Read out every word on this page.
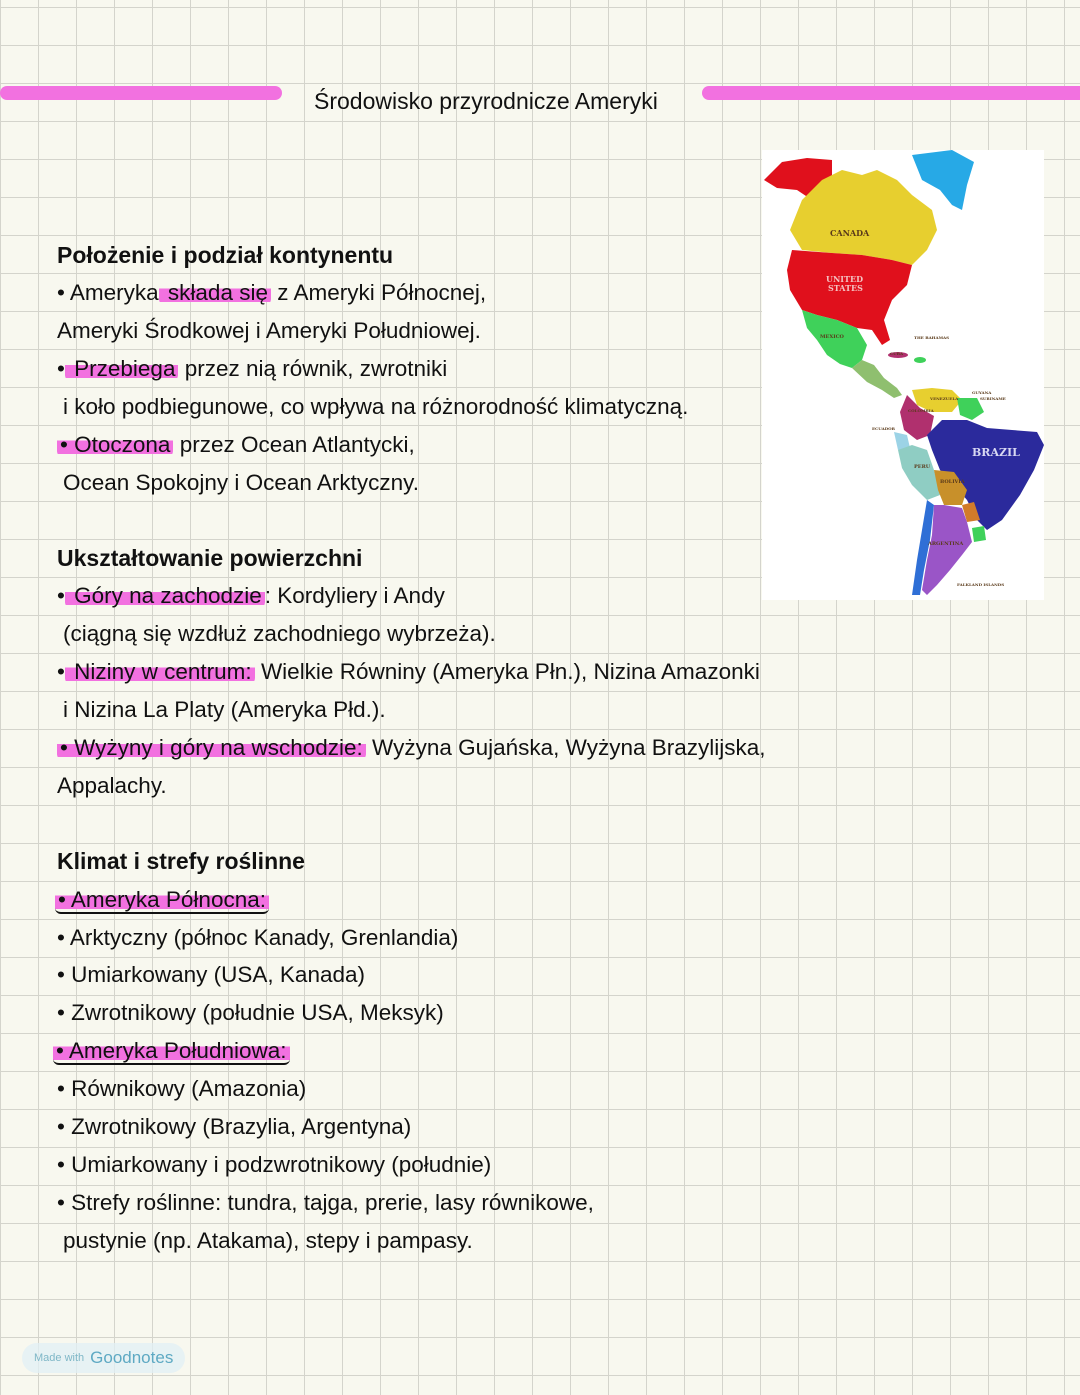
Środowisko przyrodnicze Ameryki
CANADA
UNITED
STATES
MEXICO	THE BAHAMAS
CUBA
VENEZUELA
GUYANA
SURINAME
COLOMBIA
ECUADOR
BRAZIL
PERU
BOLIVIA
ARGENTINA
FALKLAND ISLANDS
Położenie i podział kontynentu
• Ameryka składa się z Ameryki Północnej,
Ameryki Środkowej i Ameryki Południowej.
• Przebiega przez nią równik, zwrotniki
i koło podbiegunowe, co wpływa na różnorodność klimatyczną.
• Otoczona przez Ocean Atlantycki,
Ocean Spokojny i Ocean Arktyczny.
Ukształtowanie powierzchni
• Góry na zachodzie : Kordyliery i Andy
(ciągną się wzdłuż zachodniego wybrzeża).
• Niziny w centrum: Wielkie Równiny (Ameryka Płn.), Nizina Amazonki
i Nizina La Platy (Ameryka Płd.).
• Wyżyny i góry na wschodzie: Wyżyna Gujańska, Wyżyna Brazylijska,
Appalachy.
Klimat i strefy roślinne
• Ameryka Północna:
• Arktyczny (północ Kanady, Grenlandia)
• Umiarkowany (USA, Kanada)
• Zwrotnikowy (południe USA, Meksyk)
• Ameryka Południowa:
• Równikowy (Amazonia)
• Zwrotnikowy (Brazylia, Argentyna)
• Umiarkowany i podzwrotnikowy (południe)
• Strefy roślinne: tundra, tajga, prerie, lasy równikowe,
pustynie (np. Atakama), stepy i pampasy.
Made with Goodnotes
